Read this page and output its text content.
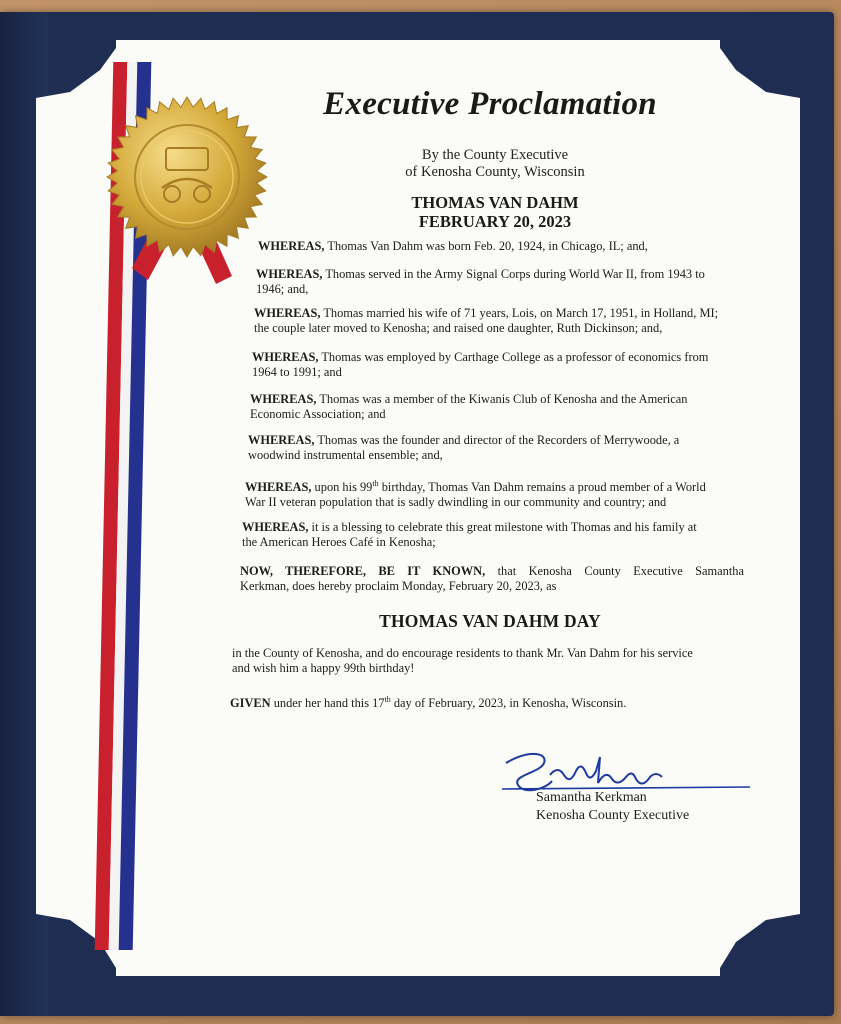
Executive Proclamation
By the County Executive
of Kenosha County, Wisconsin
THOMAS VAN DAHM
FEBRUARY 20, 2023
WHEREAS, Thomas Van Dahm was born Feb. 20, 1924, in Chicago, IL; and,
WHEREAS, Thomas served in the Army Signal Corps during World War II, from 1943 to
1946; and,
WHEREAS, Thomas married his wife of 71 years, Lois, on March 17, 1951, in Holland, MI;
the couple later moved to Kenosha; and raised one daughter, Ruth Dickinson; and,
WHEREAS, Thomas was employed by Carthage College as a professor of economics from
1964 to 1991; and
WHEREAS, Thomas was a member of the Kiwanis Club of Kenosha and the American
Economic Association; and
WHEREAS, Thomas was the founder and director of the Recorders of Merrywoode, a
woodwind instrumental ensemble; and,
WHEREAS, upon his 99th birthday, Thomas Van Dahm remains a proud member of a World
War II veteran population that is sadly dwindling in our community and country; and
WHEREAS, it is a blessing to celebrate this great milestone with Thomas and his family at
the American Heroes Café in Kenosha;
NOW, THEREFORE, BE IT KNOWN, that Kenosha County Executive Samantha
Kerkman, does hereby proclaim Monday, February 20, 2023, as
THOMAS VAN DAHM DAY
in the County of Kenosha, and do encourage residents to thank Mr. Van Dahm for his service
and wish him a happy 99th birthday!
GIVEN under her hand this 17th day of February, 2023, in Kenosha, Wisconsin.
Samantha Kerkman
Kenosha County Executive
